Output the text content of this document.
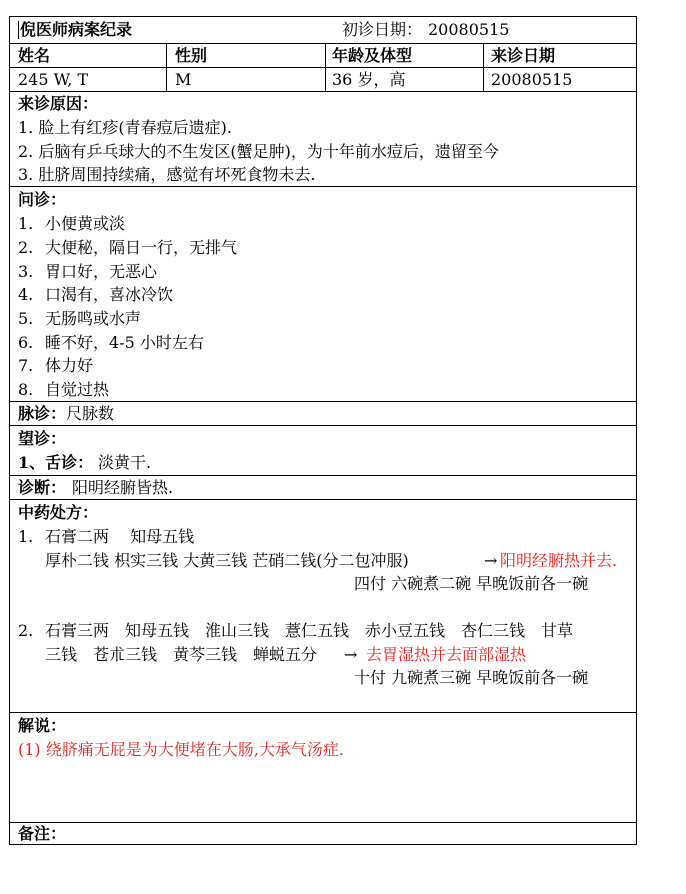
倪医师病案纪录	初诊日期： 20080515
姓名	性别	年龄及体型	来诊日期
245 W, T	M	36 岁，高	20080515
来诊原因：
1. 脸上有红疹(青春痘后遗症).
2. 后脑有乒乓球大的不生发区(蟹足肿)，为十年前水痘后，遗留至今
3. 肚脐周围持续痛，感觉有坏死食物未去.
问诊：
1. 小便黄或淡
2. 大便秘，隔日一行，无排气
3. 胃口好，无恶心
4. 口渴有，喜冰冷饮
5. 无肠鸣或水声
6. 睡不好，4-5 小时左右
7. 体力好
8. 自觉过热
脉诊： 尺脉数
望诊：
1、舌诊： 淡黄干.
诊断： 阳明经腑皆热.
中药处方：
1. 石膏二两　 知母五钱
厚朴二钱 枳实三钱 大黄三钱 芒硝二钱(分二包冲服)	→ 阳明经腑热并去.
四付 六碗煮二碗 早晚饭前各一碗
2. 石膏三两　知母五钱　淮山三钱　薏仁五钱　赤小豆五钱　杏仁三钱　甘草
三钱　苍朮三钱　黄芩三钱　蝉蜕五分 → 去胃湿热并去面部湿热
十付 九碗煮三碗 早晚饭前各一碗
解说：
(1) 绕脐痛无屁是为大便堵在大肠,大承气汤症.
备注：
